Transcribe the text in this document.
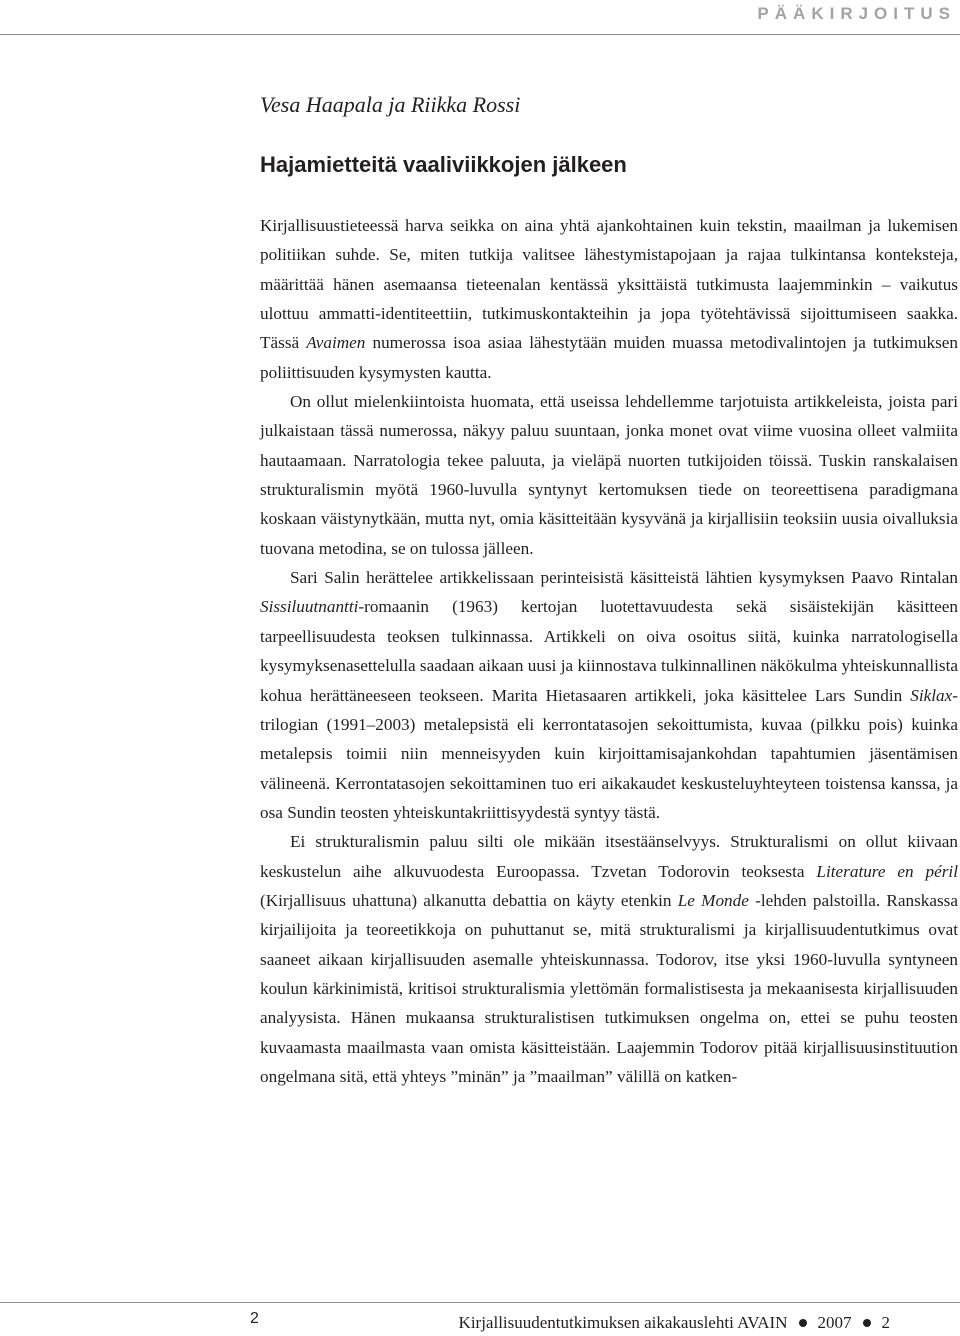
PÄÄKIRJOITUS
Vesa Haapala ja Riikka Rossi
Hajamietteitä vaaliviikkojen jälkeen

Kirjallisuustieteessä harva seikka on aina yhtä ajankohtainen kuin tekstin, maailman ja lukemisen politiikan suhde. Se, miten tutkija valitsee lähestymistapojaan ja rajaa tulkintansa konteksteja, määrittää hänen asemaansa tieteenalan kentässä yksittäistä tutkimusta laajemminkin – vaikutus ulottuu ammatti-identiteettiin, tutkimuskontakteihin ja jopa työtehtävissä sijoittumiseen saakka. Tässä Avaimen numerossa isoa asiaa lähestytään muiden muassa metodivalintojen ja tutkimuksen poliittisuuden kysymysten kautta.

On ollut mielenkiintoista huomata, että useissa lehdellemme tarjotuista artikkeleista, joista pari julkaistaan tässä numerossa, näkyy paluu suuntaan, jonka monet ovat viime vuosina olleet valmiita hautaamaan. Narratologia tekee paluuta, ja vieläpä nuorten tutkijoiden töissä. Tuskin ranskalaisen strukturalismin myötä 1960-luvulla syntynyt kertomuksen tiede on teoreettisena paradigmana koskaan väistynytkään, mutta nyt, omia käsitteitään kysyvänä ja kirjallisiin teoksiin uusia oivalluksia tuovana metodina, se on tulossa jälleen.

Sari Salin herättelee artikkelissaan perinteisistä käsitteistä lähtien kysymyksen Paavo Rintalan Sissiluutnantti-romaanin (1963) kertojan luotettavuudesta sekä sisäistekijän käsitteen tarpeellisuudesta teoksen tulkinnassa. Artikkeli on oiva osoitus siitä, kuinka narratologisella kysymyksenasettelulla saadaan aikaan uusi ja kiinnostava tulkinnallinen näkökulma yhteiskunnallista kohua herättäneeseen teokseen. Marita Hietasaaren artikkeli, joka käsittelee Lars Sundin Siklax-trilogian (1991–2003) metalepsistä eli kerrontatasojen sekoittumista, kuvaa (pilkku pois) kuinka metalepsis toimii niin menneisyyden kuin kirjoittamisajankohdan tapahtumien jäsentämisen välineenä. Kerrontatasojen sekoittaminen tuo eri aikakaudet keskusteluyhteyteen toistensa kanssa, ja osa Sundin teosten yhteiskuntakriittisyydestä syntyy tästä.

Ei strukturalismin paluu silti ole mikään itsestäänselvyys. Strukturalismi on ollut kiivaan keskustelun aihe alkuvuodesta Euroopassa. Tzvetan Todorovin teoksesta Literature en péril (Kirjallisuus uhattuna) alkanutta debattia on käyty etenkin Le Monde -lehden palstoilla. Ranskassa kirjailijoita ja teoreetikkoja on puhuttanut se, mitä strukturalismi ja kirjallisuudentutkimus ovat saaneet aikaan kirjallisuuden asemalle yhteiskunnassa. Todorov, itse yksi 1960-luvulla syntyneen koulun kärkinimistä, kritisoi strukturalismia ylettömän formalistisesta ja mekaanisesta kirjallisuuden analyysista. Hänen mukaansa strukturalistisen tutkimuksen ongelma on, ettei se puhu teosten kuvaamasta maailmasta vaan omista käsitteistään. Laajemmin Todorov pitää kirjallisuusinstituution ongelmana sitä, että yhteys ”minän” ja ”maailman” välillä on katken-

2	Kirjallisuudentutkimuksen aikakauslehti AVAIN 2007 2
